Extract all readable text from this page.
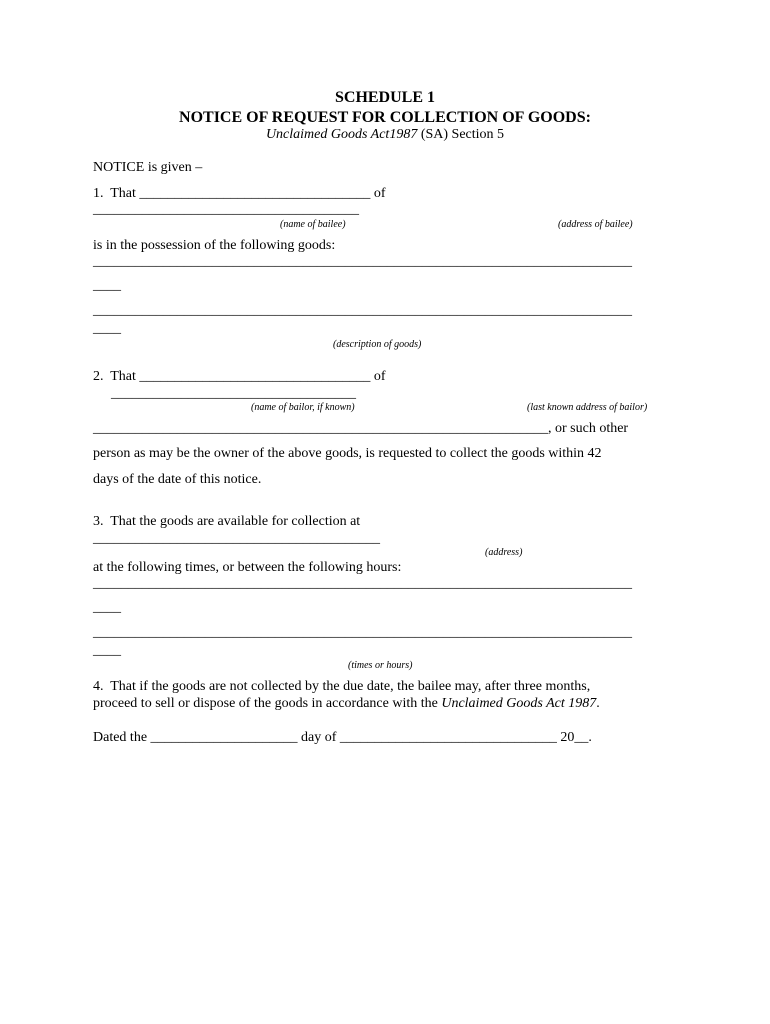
SCHEDULE 1
NOTICE OF REQUEST FOR COLLECTION OF GOODS:
Unclaimed Goods Act1987 (SA) Section 5
NOTICE is given –
1.  That _________________________________ of
______________________________________
(name of bailee)	(address of bailee)
is in the possession of the following goods:
_____________________________________________________________________________
____
_____________________________________________________________________________
____
(description of goods)
2.  That _________________________________ of
___________________________________
(name of bailor, if known)	(last known address of bailor)
_________________________________________________________________, or such other
person as may be the owner of the above goods, is requested to collect the goods within 42
days of the date of this notice.
3.  That the goods are available for collection at
_________________________________________
(address)
at the following times, or between the following hours:
_____________________________________________________________________________
____
_____________________________________________________________________________
____
(times or hours)
4.  That if the goods are not collected by the due date, the bailee may, after three months,
proceed to sell or dispose of the goods in accordance with the Unclaimed Goods Act 1987.
Dated the _____________________ day of _______________________________ 20__.
